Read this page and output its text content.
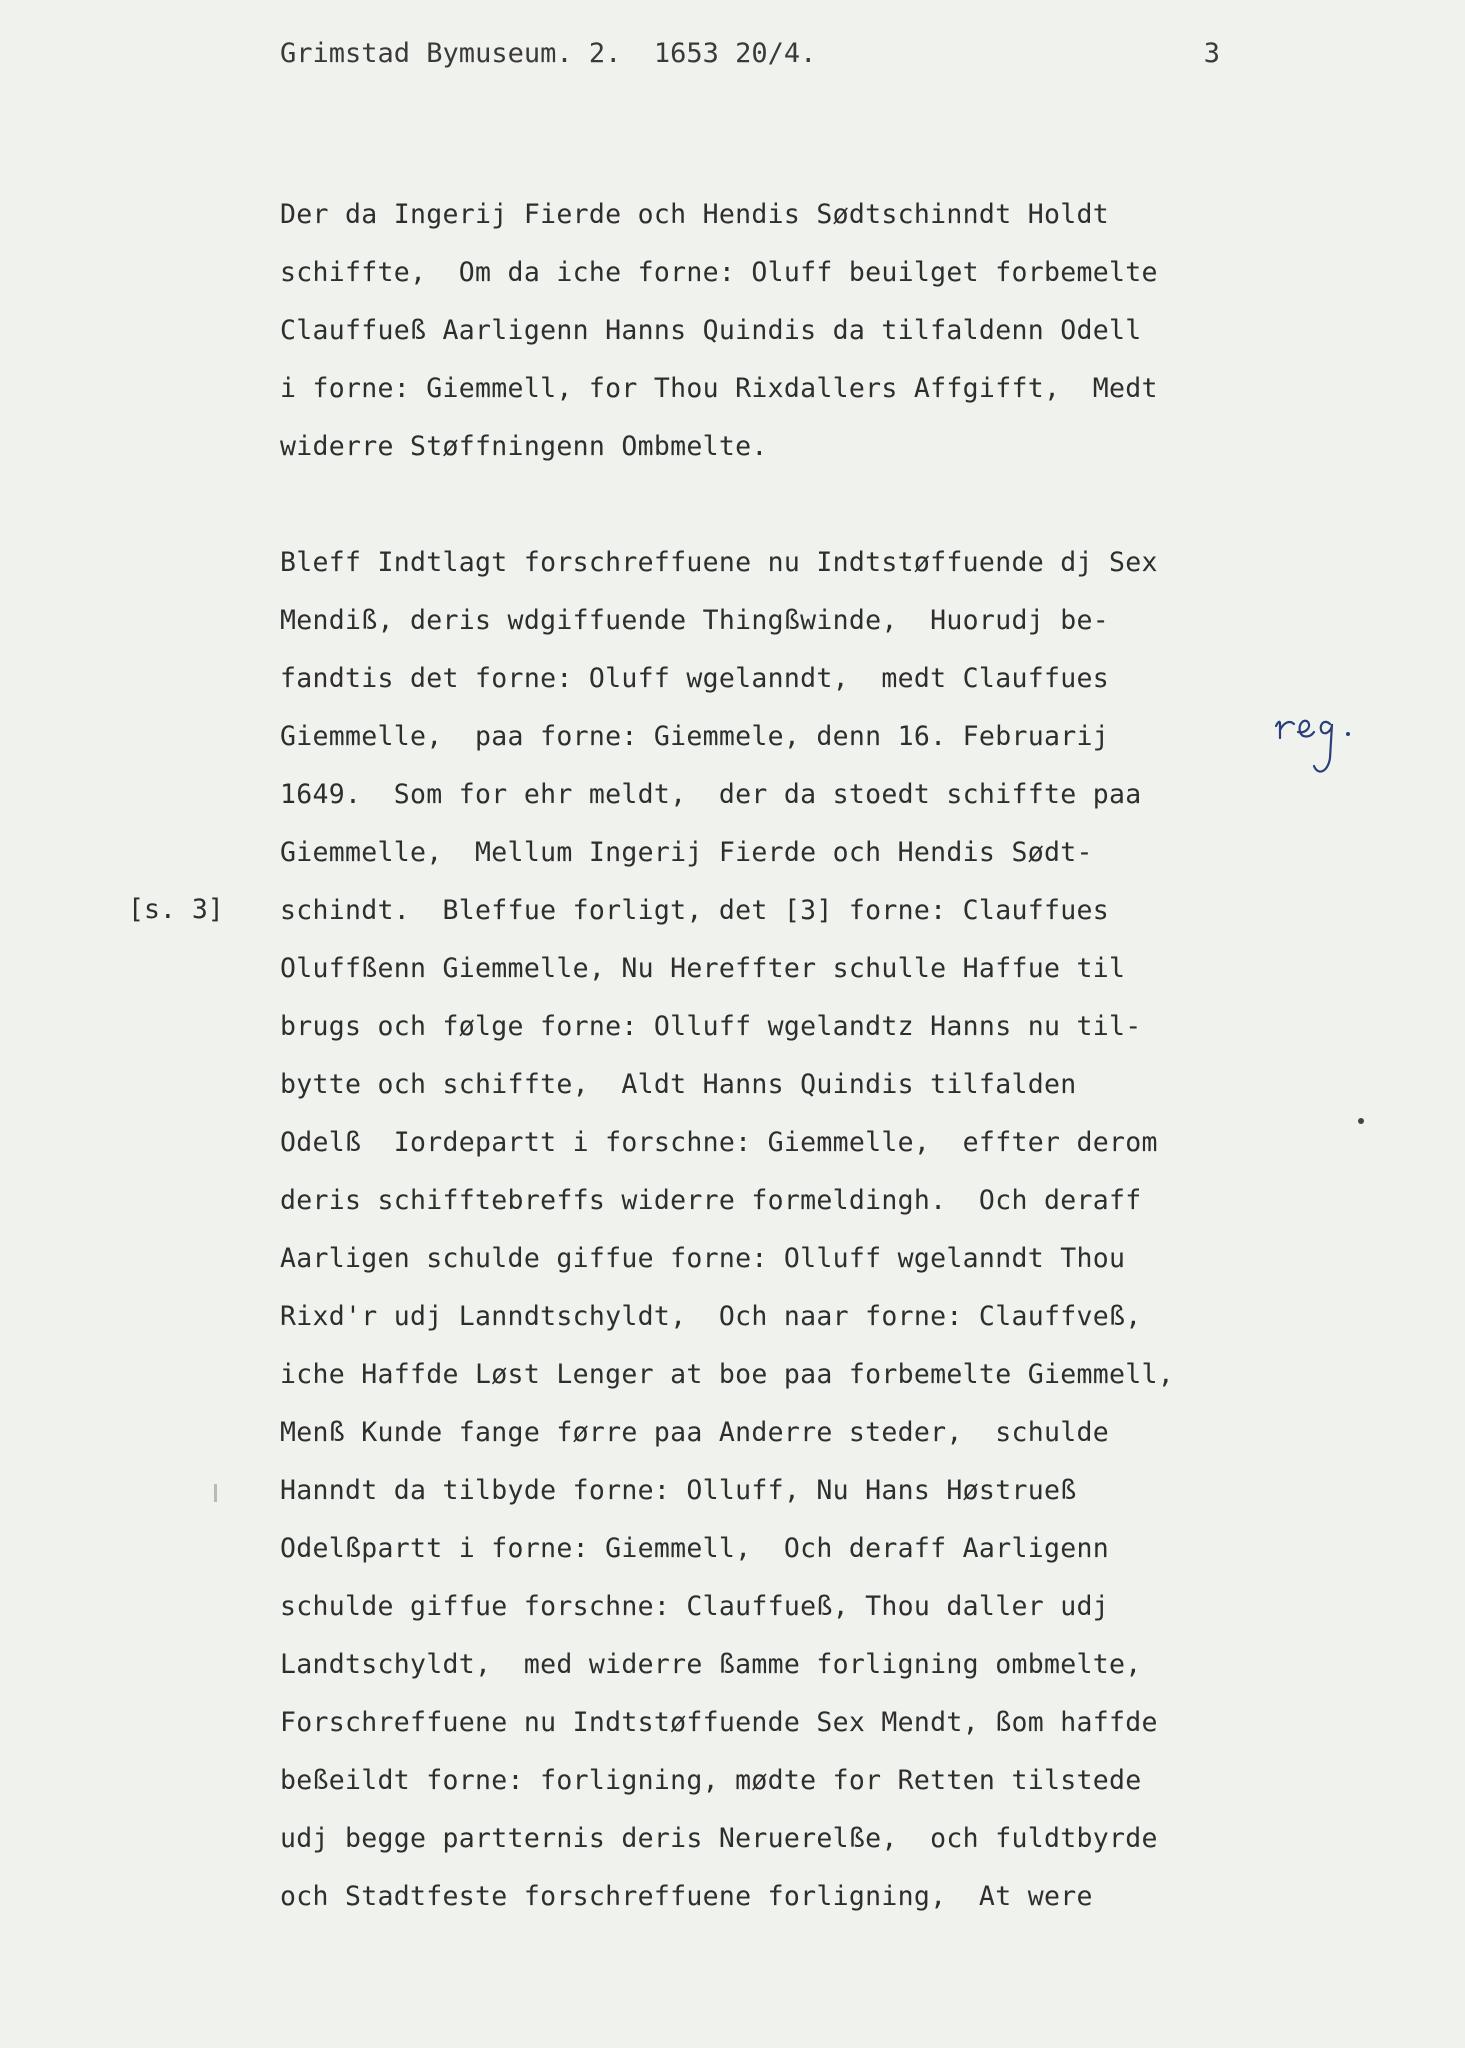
Grimstad Bymuseum. 2.  1653 20/4.	3
Der da Ingerij Fierde och Hendis Sødtschinndt Holdt
schiffte,  Om da iche forne: Oluff beuilget forbemelte
Clauffueß Aarligenn Hanns Quindis da tilfaldenn Odell
i forne: Giemmell, for Thou Rixdallers Affgifft,  Medt
widerre Støffningenn Ombmelte.
Bleff Indtlagt forschreffuene nu Indtstøffuende dj Sex
Mendiß, deris wdgiffuende Thingßwinde,  Huorudj be-
fandtis det forne: Oluff wgelanndt,  medt Clauffues
Giemmelle,  paa forne: Giemmele, denn 16. Februarij
1649.  Som for ehr meldt,  der da stoedt schiffte paa
Giemmelle,  Mellum Ingerij Fierde och Hendis Sødt-
schindt.  Bleffue forligt, det [3] forne: Clauffues
Oluffßenn Giemmelle, Nu Hereffter schulle Haffue til
brugs och følge forne: Olluff wgelandtz Hanns nu til-
bytte och schiffte,  Aldt Hanns Quindis tilfalden
Odelß  Iordepartt i forschne: Giemmelle,  effter derom
deris schifftebreffs widerre formeldingh.  Och deraff
Aarligen schulde giffue forne: Olluff wgelanndt Thou
Rixd'r udj Lanndtschyldt,  Och naar forne: Clauffveß,
iche Haffde Løst Lenger at boe paa forbemelte Giemmell,
Menß Kunde fange førre paa Anderre steder,  schulde
Hanndt da tilbyde forne: Olluff, Nu Hans Høstrueß
Odelßpartt i forne: Giemmell,  Och deraff Aarligenn
schulde giffue forschne: Clauffueß, Thou daller udj
Landtschyldt,  med widerre ßamme forligning ombmelte,
Forschreffuene nu Indtstøffuende Sex Mendt, ßom haffde
beßeildt forne: forligning, mødte for Retten tilstede
udj begge partternis deris Neruerelße,  och fuldtbyrde
och Stadtfeste forschreffuene forligning,  At were
[s. 3]
